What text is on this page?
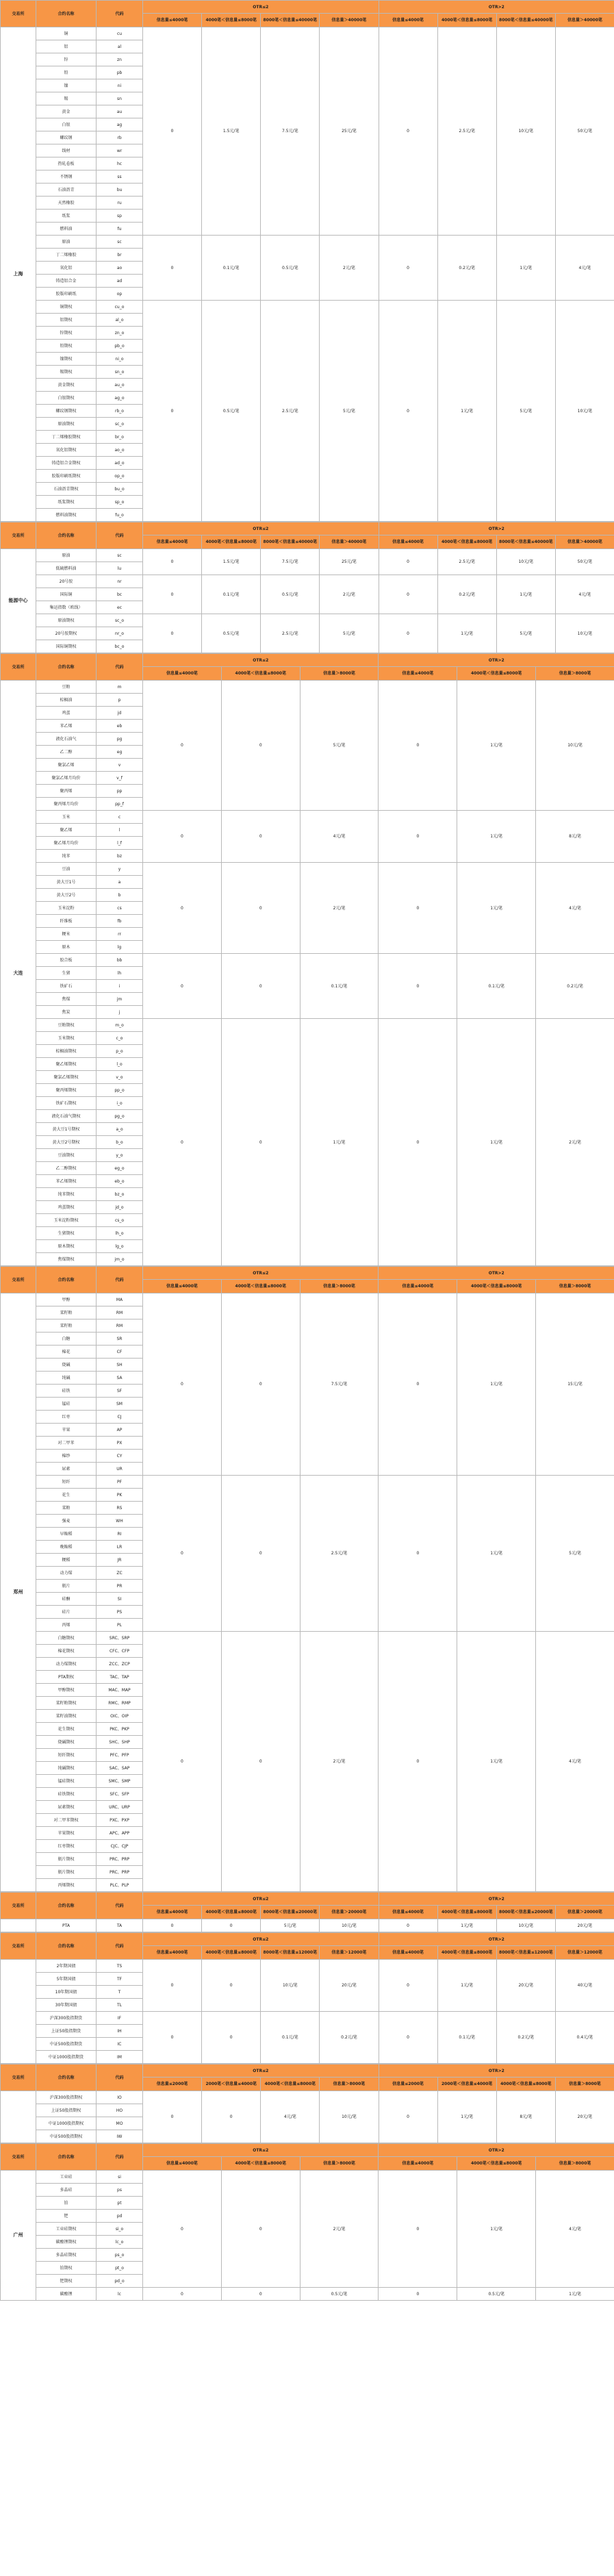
交易所	合约名称	代码	OTR≤2				OTR>2			
			信息量≤4000笔	4000笔＜信息量≤8000笔	8000笔＜信息量≤40000笔	信息量＞40000笔	信息量≤4000笔	4000笔＜信息量≤8000笔	8000笔＜信息量≤40000笔	信息量＞40000笔
上海	铜	cu	0	1.5元/笔	7.5元/笔	25元/笔	0	2.5元/笔	10元/笔	50元/笔
	铝	al								
	锌	zn								
	铅	pb								
	镍	ni								
	锡	sn								
	黄金	au								
	白银	ag								
	螺纹钢	rb								
	线材	wr								
	热轧卷板	hc								
	不锈钢	ss								
	石油沥青	bu								
	天然橡胶	ru								
	纸浆	sp								
	燃料油	fu								
	原油	sc	0	0.1元/笔	0.5元/笔	2元/笔	0	0.2元/笔	1元/笔	4元/笔
	丁二烯橡胶	br								
	氧化铝	ao								
	铸造铝合金	ad								
	胶版印刷纸	op								
	铜期权	cu_o	0	0.5元/笔	2.5元/笔	5元/笔	0	1元/笔	5元/笔	10元/笔
	铝期权	al_o								
	锌期权	zn_o								
	铅期权	pb_o								
	镍期权	ni_o								
	锡期权	sn_o								
	黄金期权	au_o								
	白银期权	ag_o								
	螺纹钢期权	rb_o								
	原油期权	sc_o								
	丁二烯橡胶期权	br_o								
	氧化铝期权	ao_o								
	铸造铝合金期权	ad_o								
	胶版印刷纸期权	op_o								
	石油沥青期权	bu_o								
	纸浆期权	sp_o								
	燃料油期权	fu_o								
交易所	合约名称	代码	OTR≤2				OTR>2			
			信息量≤4000笔	4000笔＜信息量≤8000笔	8000笔＜信息量≤40000笔	信息量＞40000笔	信息量≤4000笔	4000笔＜信息量≤8000笔	8000笔＜信息量≤40000笔	信息量＞40000笔
能源中心	原油	sc	0	1.5元/笔	7.5元/笔	25元/笔	0	2.5元/笔	10元/笔	50元/笔
	低硫燃料油	lu								
	20号胶	nr	0	0.1元/笔	0.5元/笔	2元/笔	0	0.2元/笔	1元/笔	4元/笔
	国际铜	bc								
	集运指数（欧线）	ec								
	原油期权	sc_o	0	0.5元/笔	2.5元/笔	5元/笔	0	1元/笔	5元/笔	10元/笔
	20号胶期权	nr_o								
	国际铜期权	bc_o								
交易所	合约名称	代码	OTR≤2			OTR>2		
			信息量≤4000笔	4000笔＜信息量≤8000笔	信息量＞8000笔	信息量≤4000笔	4000笔＜信息量≤8000笔	信息量＞8000笔
大连	豆粕	m	0	0	5元/笔	0	1元/笔	10元/笔
	棕榈油	p						
	鸡蛋	jd						
	苯乙烯	eb						
	液化石油气	pg						
	乙二醇	eg						
	聚氯乙烯	v						
	聚氯乙烯月均价	v_f						
	聚丙烯	pp						
	聚丙烯月均价	pp_f						
	玉米	c	0	0	4元/笔	0	1元/笔	8元/笔
	聚乙烯	l						
	聚乙烯月均价	l_f						
	纯苯	bz						
	豆油	y	0	0	2元/笔	0	1元/笔	4元/笔
	黄大豆1号	a						
	黄大豆2号	b						
	玉米淀粉	cs						
	纤维板	fb						
	粳米	rr						
	原木	lg						
	胶合板	bb	0	0	0.1元/笔	0	0.1元/笔	0.2元/笔
	生猪	lh						
	铁矿石	i						
	焦煤	jm						
	焦炭	j						
	豆粕期权	m_o	0	0	1元/笔	0	1元/笔	2元/笔
	玉米期权	c_o						
	棕榈油期权	p_o						
	聚乙烯期权	l_o						
	聚氯乙烯期权	v_o						
	聚丙烯期权	pp_o						
	铁矿石期权	i_o						
	液化石油气期权	pg_o						
	黄大豆1号期权	a_o						
	黄大豆2号期权	b_o						
	豆油期权	y_o						
	乙二醇期权	eg_o						
	苯乙烯期权	eb_o						
	纯苯期权	bz_o						
	鸡蛋期权	jd_o						
	玉米淀粉期权	cs_o						
	生猪期权	lh_o						
	原木期权	lg_o						
	焦煤期权	jm_o						
交易所	合约名称	代码	OTR≤2			OTR>2		
			信息量≤4000笔	4000笔＜信息量≤8000笔	信息量＞8000笔	信息量≤4000笔	4000笔＜信息量≤8000笔	信息量＞8000笔
郑州	甲醇	MA	0	0	7.5元/笔	0	1元/笔	15元/笔
	菜籽粕	RM						
	菜籽粕	RM						
	白糖	SR						
	棉花	CF						
	烧碱	SH						
	纯碱	SA						
	硅铁	SF						
	锰硅	SM						
	红枣	CJ						
	苹果	AP						
	对二甲苯	PX						
	棉纱	CY						
	尿素	UR						
	短纤	PF	0	0	2.5元/笔	0	1元/笔	5元/笔
	花生	PK						
	菜粕	RS						
	强麦	WH						
	早籼稻	RI						
	晚籼稻	LR						
	粳稻	JR						
	动力煤	ZC						
	瓶片	PR						
	硅酮	SI						
	硅片	PS						
	丙烯	PL						
	白糖期权	SRC、SRP	0	0	2元/笔	0	1元/笔	4元/笔
	棉花期权	CFC、CFP						
	动力煤期权	ZCC、ZCP						
	PTA期权	TAC、TAP						
	甲醇期权	MAC、MAP						
	菜籽粕期权	RMC、RMP						
	菜籽油期权	OIC、OIP						
	花生期权	PKC、PKP						
	烧碱期权	SHC、SHP						
	短纤期权	PFC、PFP						
	纯碱期权	SAC、SAP						
	锰硅期权	SMC、SMP						
	硅铁期权	SFC、SFP						
	尿素期权	URC、URP						
	对二甲苯期权	PXC、PXP						
	苹果期权	APC、APP						
	红枣期权	CJC、CJP						
	瓶片期权	PRC、PRP						
	瓶片期权	PRC、PRP						
	丙烯期权	PLC、PLP						
交易所	合约名称	代码	OTR≤2				OTR>2			
			信息量≤4000笔	4000笔＜信息量≤8000笔	8000笔＜信息量≤20000笔	信息量＞20000笔	信息量≤4000笔	4000笔＜信息量≤8000笔	8000笔＜信息量≤20000笔	信息量＞20000笔
	PTA	TA	0	0	5元/笔	10元/笔	0	1元/笔	10元/笔	20元/笔
交易所	合约名称	代码	OTR≤2				OTR>2			
			信息量≤4000笔	4000笔＜信息量≤8000笔	8000笔＜信息量≤12000笔	信息量＞12000笔	信息量≤4000笔	4000笔＜信息量≤8000笔	8000笔＜信息量≤12000笔	信息量＞12000笔
	2年期国债	TS	0	0	10元/笔	20元/笔	0	1元/笔	20元/笔	40元/笔
	5年期国债	TF								
	10年期国债	T								
	30年期国债	TL								
	沪深300股指期货	IF	0	0	0.1元/笔	0.2元/笔	0	0.1元/笔	0.2元/笔	0.4元/笔
	上证50股指期货	IH								
	中证500股指期货	IC								
	中证1000股指期货	IM								
交易所	合约名称	代码	OTR≤2				OTR>2			
			信息量≤2000笔	2000笔＜信息量≤4000笔	4000笔＜信息量≤8000笔	信息量＞8000笔	信息量≤2000笔	2000笔＜信息量≤4000笔	4000笔＜信息量≤8000笔	信息量＞8000笔
	沪深300股指期权	IO	0	0	4元/笔	10元/笔	0	1元/笔	8元/笔	20元/笔
	上证50股指期权	HO								
	中证1000股指期权	MO								
	中证500股指期权	IW								
交易所	合约名称	代码	OTR≤2			OTR>2		
			信息量≤4000笔	4000笔＜信息量≤8000笔	信息量＞8000笔	信息量≤4000笔	4000笔＜信息量≤8000笔	信息量＞8000笔
广州	工业硅	si	0	0	2元/笔	0	1元/笔	4元/笔
	多晶硅	ps						
	铂	pt						
	钯	pd						
	工业硅期权	si_o						
	碳酸锂期权	lc_o						
	多晶硅期权	ps_o						
	铂期权	pt_o						
	钯期权	pd_o						
	碳酸锂	lc	0	0	0.5元/笔	0	0.5元/笔	1元/笔
